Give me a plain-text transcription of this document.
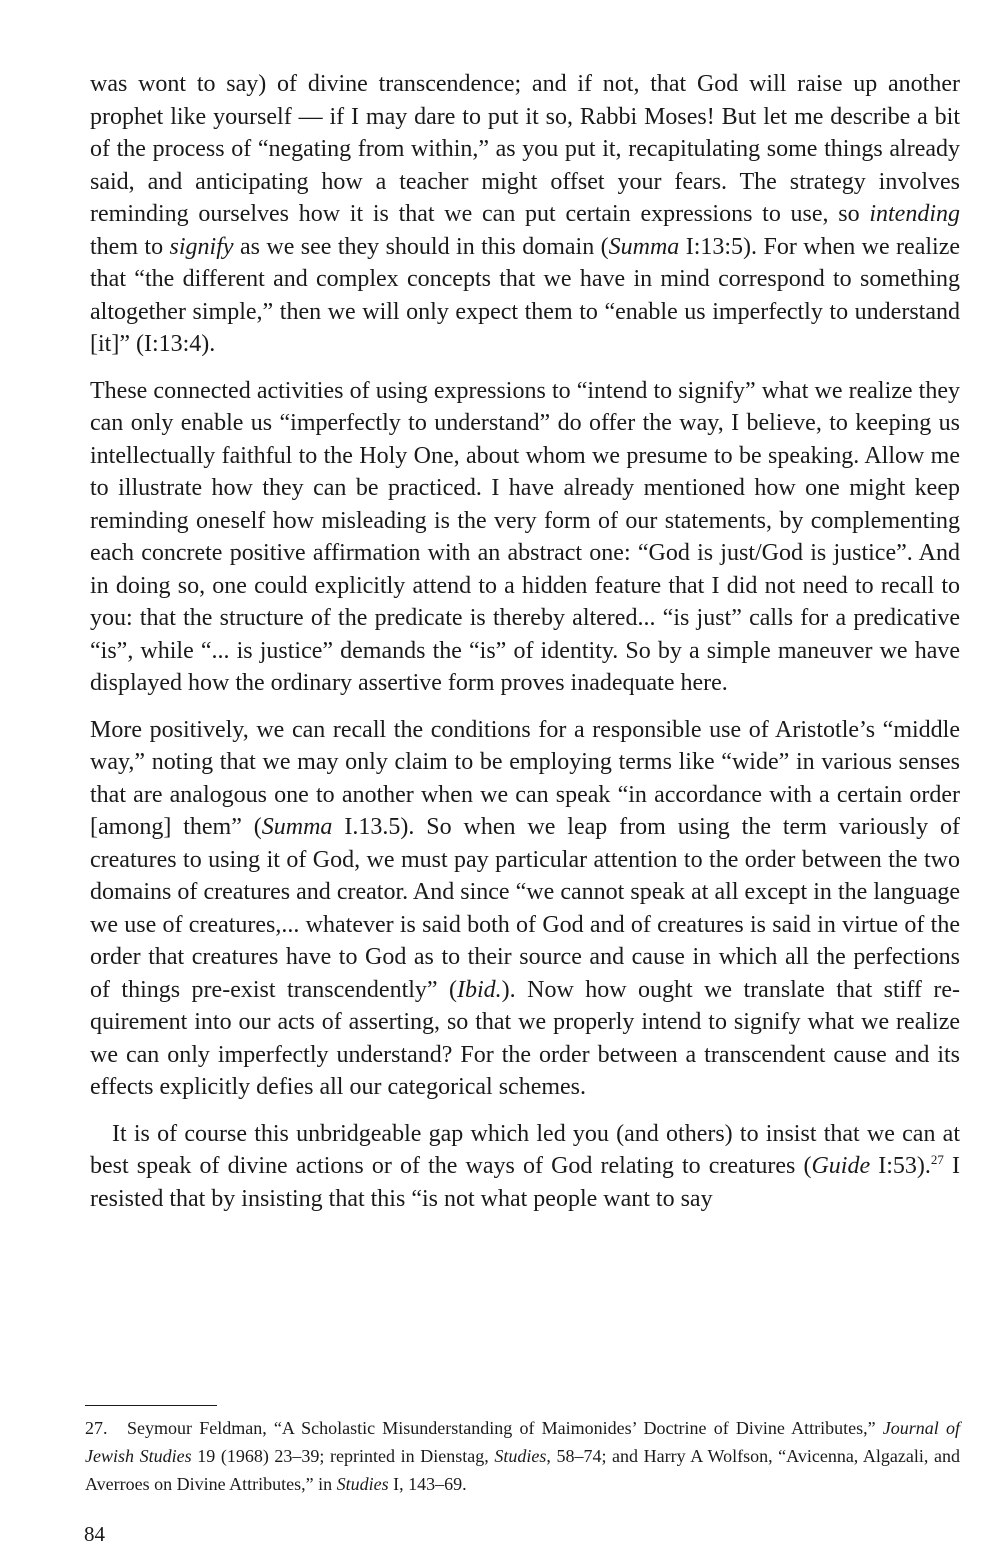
was wont to say) of divine transcendence; and if not, that God will raise up another prophet like yourself — if I may dare to put it so, Rabbi Moses! But let me describe a bit of the process of “negating from within,” as you put it, recapitulating some things already said, and anticipating how a teacher might offset your fears. The strategy involves reminding ourselves how it is that we can put certain expressions to use, so intending them to signify as we see they should in this domain (Summa I:13:5). For when we realize that “the different and complex concepts that we have in mind correspond to something altogether simple,” then we will only expect them to “enable us imperfectly to understand [it]” (I:13:4).

These connected activities of using expressions to “intend to signify” what we realize they can only enable us “imperfectly to understand” do offer the way, I believe, to keeping us intellectually faithful to the Holy One, about whom we presume to be speaking. Allow me to illustrate how they can be practiced. I have already mentioned how one might keep reminding oneself how misleading is the very form of our statements, by complementing each concrete positive affirmation with an abstract one: “God is just/God is justice”. And in doing so, one could explicitly attend to a hidden feature that I did not need to recall to you: that the structure of the predicate is thereby altered... “is just” calls for a predicative “is”, while “... is justice” demands the “is” of identity. So by a simple maneuver we have displayed how the ordinary assertive form proves inadequate here.

More positively, we can recall the conditions for a responsible use of Aristotle’s “middle way,” noting that we may only claim to be employing terms like “wide” in various senses that are analogous one to another when we can speak “in accordance with a certain order [among] them” (Summa I.13.5). So when we leap from using the term variously of creatures to using it of God, we must pay particular attention to the order between the two domains of creatures and creator. And since “we cannot speak at all except in the language we use of creatures,... whatever is said both of God and of creatures is said in virtue of the order that creatures have to God as to their source and cause in which all the perfections of things pre-exist transcendently” (Ibid.). Now how ought we translate that stiff requirement into our acts of asserting, so that we properly intend to signify what we realize we can only imperfectly understand? For the order between a transcendent cause and its effects explicitly defies all our categorical schemes.

It is of course this unbridgeable gap which led you (and others) to insist that we can at best speak of divine actions or of the ways of God relating to creatures (Guide I:53).$^{27}$ I resisted that by insisting that this “is not what people want to say

27. Seymour Feldman, “A Scholastic Misunderstanding of Maimonides’ Doctrine of Divine Attributes,” Journal of Jewish Studies 19 (1968) 23–39; reprinted in Dienstag, Studies, 58–74; and Harry A Wolfson, “Avicenna, Algazali, and Averroes on Divine Attributes,” in Studies I, 143–69.

84
